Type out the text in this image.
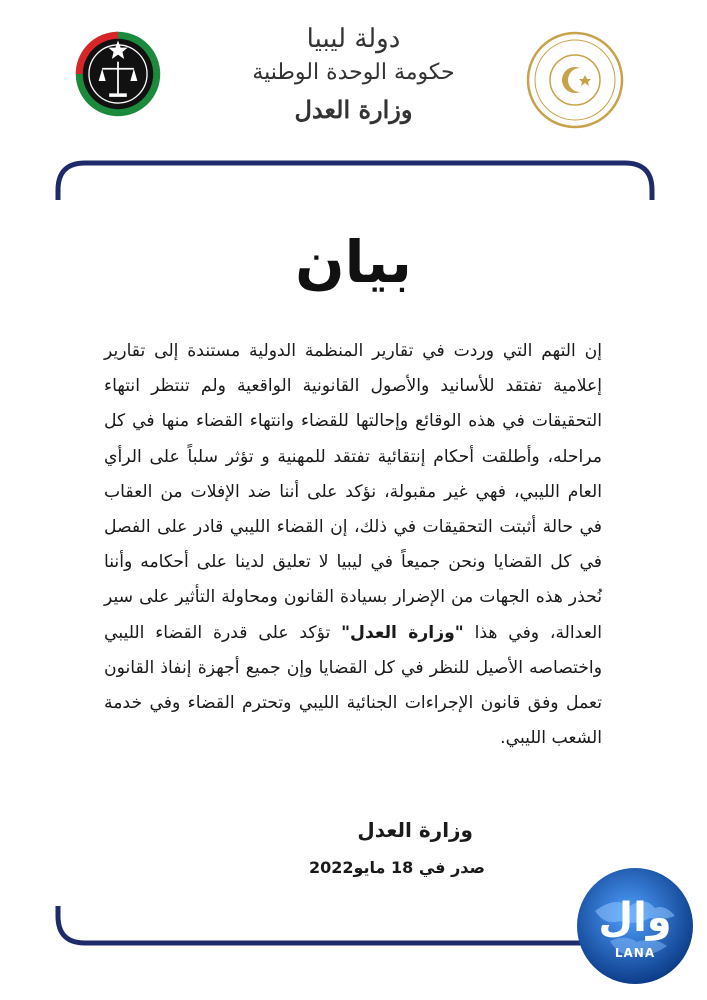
دولة ليبيا
حكومة الوحدة الوطنية
وزارة العدل
بيان
إن التهم التي وردت في تقارير المنظمة الدولية مستندة إلى تقارير إعلامية تفتقد للأسانيد والأصول القانونية الواقعية ولم تنتظر انتهاء التحقيقات في هذه الوقائع وإحالتها للقضاء وانتهاء القضاء منها في كل مراحله، وأطلقت أحكام إنتقائية تفتقد للمهنية و تؤثر سلباً على الرأي العام الليبي، فهي غير مقبولة، نؤكد على أننا ضد الإفلات من العقاب في حالة أثبتت التحقيقات في ذلك، إن القضاء الليبي قادر على الفصل في كل القضايا ونحن جميعاً في ليبيا لا تعليق لدينا على أحكامه وأننا نُحذر هذه الجهات من الإضرار بسيادة القانون ومحاولة التأثير على سير العدالة، وفي هذا "وزارة العدل" تؤكد على قدرة القضاء الليبي واختصاصه الأصيل للنظر في كل القضايا وإن جميع أجهزة إنفاذ القانون تعمل وفق قانون الإجراءات الجنائية الليبي وتحترم القضاء وفي خدمة الشعب الليبي.
وزارة العدل
صدر في 18 مايو2022
وال
LANA
